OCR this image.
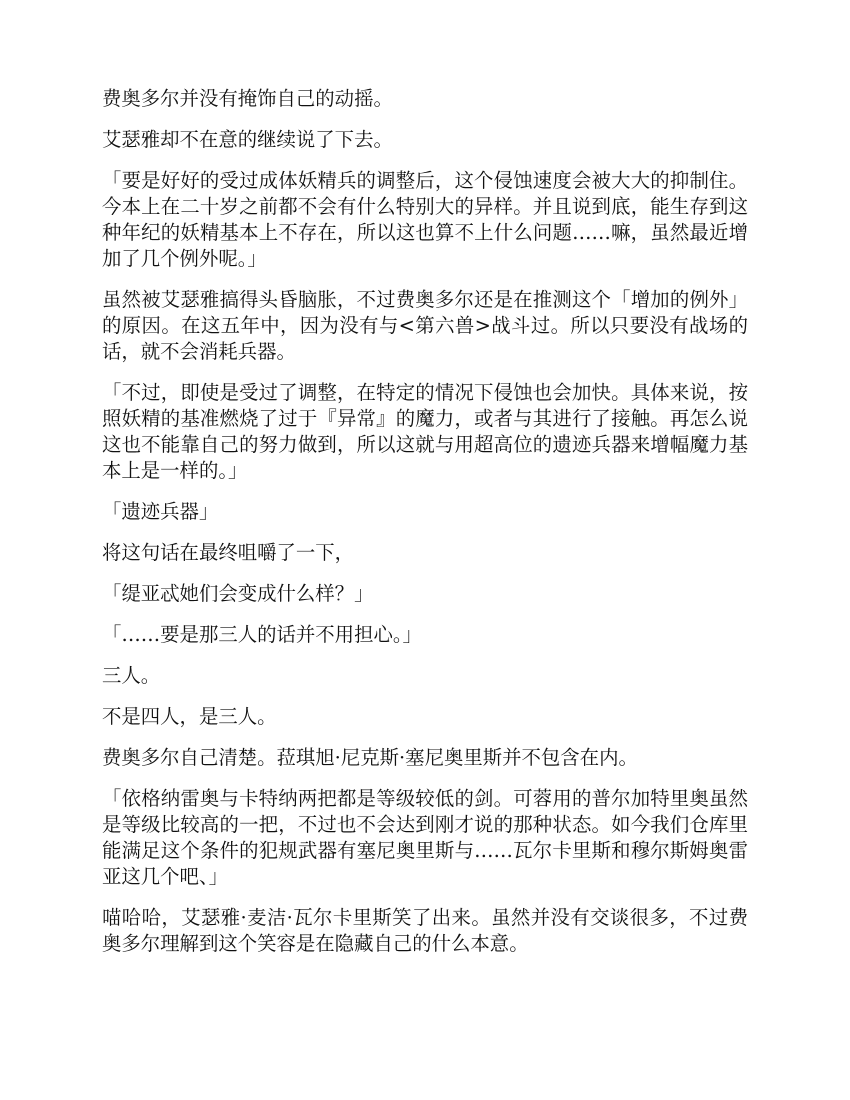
费奥多尔并没有掩饰自己的动摇。

艾瑟雅却不在意的继续说了下去。

「要是好好的受过成体妖精兵的调整后，这个侵蚀速度会被大大的抑制住。今本上在二十岁之前都不会有什么特别大的异样。并且说到底，能生存到这种年纪的妖精基本上不存在，所以这也算不上什么问题……嘛，虽然最近增加了几个例外呢。」

虽然被艾瑟雅搞得头昏脑胀，不过费奥多尔还是在推测这个「增加的例外」的原因。在这五年中，因为没有与<第六兽>战斗过。所以只要没有战场的话，就不会消耗兵器。

「不过，即使是受过了调整，在特定的情况下侵蚀也会加快。具体来说，按照妖精的基准燃烧了过于『异常』的魔力，或者与其进行了接触。再怎么说这也不能靠自己的努力做到，所以这就与用超高位的遗迹兵器来增幅魔力基本上是一样的。」

「遗迹兵器」

将这句话在最终咀嚼了一下，

「缇亚忒她们会变成什么样？」

「……要是那三人的话并不用担心。」

三人。

不是四人，是三人。

费奥多尔自己清楚。菈琪旭·尼克斯·塞尼奥里斯并不包含在内。

「依格纳雷奥与卡特纳两把都是等级较低的剑。可蓉用的普尔加特里奥虽然是等级比较高的一把，不过也不会达到刚才说的那种状态。如今我们仓库里能满足这个条件的犯规武器有塞尼奥里斯与……瓦尔卡里斯和穆尔斯姆奥雷亚这几个吧、」

喵哈哈，艾瑟雅·麦洁·瓦尔卡里斯笑了出来。虽然并没有交谈很多，不过费奥多尔理解到这个笑容是在隐藏自己的什么本意。
